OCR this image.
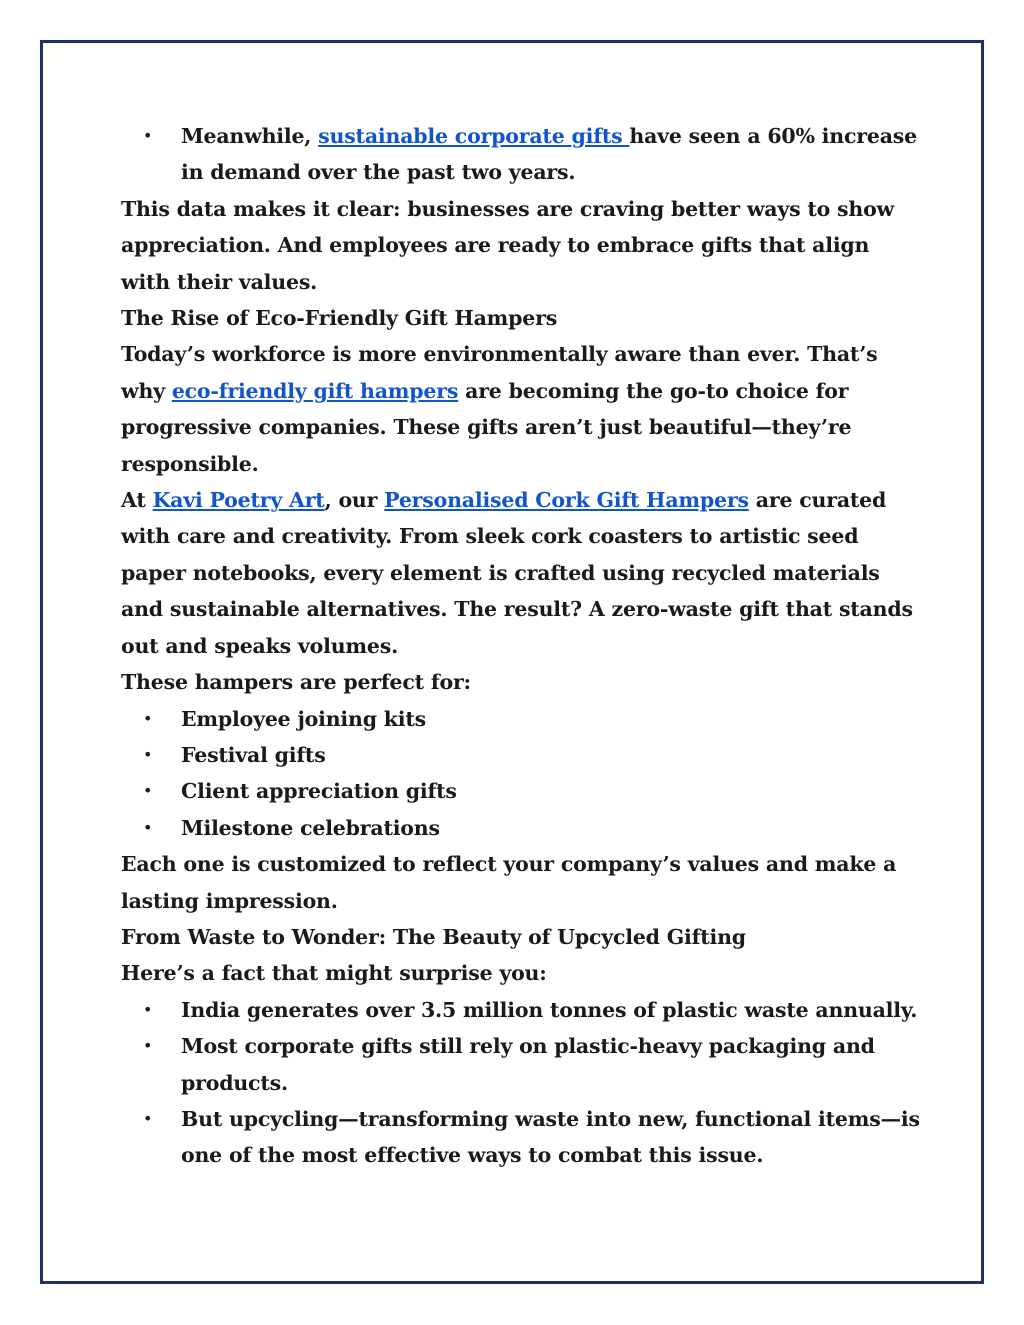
• Meanwhile, sustainable corporate gifts have seen a 60% increase in demand over the past two years.

This data makes it clear: businesses are craving better ways to show appreciation. And employees are ready to embrace gifts that align with their values.

The Rise of Eco-Friendly Gift Hampers

Today’s workforce is more environmentally aware than ever. That’s why eco-friendly gift hampers are becoming the go-to choice for progressive companies. These gifts aren’t just beautiful—they’re responsible.

At Kavi Poetry Art, our Personalised Cork Gift Hampers are curated with care and creativity. From sleek cork coasters to artistic seed paper notebooks, every element is crafted using recycled materials and sustainable alternatives. The result? A zero-waste gift that stands out and speaks volumes.

These hampers are perfect for:

• Employee joining kits
• Festival gifts
• Client appreciation gifts
• Milestone celebrations

Each one is customized to reflect your company’s values and make a lasting impression.

From Waste to Wonder: The Beauty of Upcycled Gifting

Here’s a fact that might surprise you:

• India generates over 3.5 million tonnes of plastic waste annually.
• Most corporate gifts still rely on plastic-heavy packaging and products.
• But upcycling—transforming waste into new, functional items—is one of the most effective ways to combat this issue.
